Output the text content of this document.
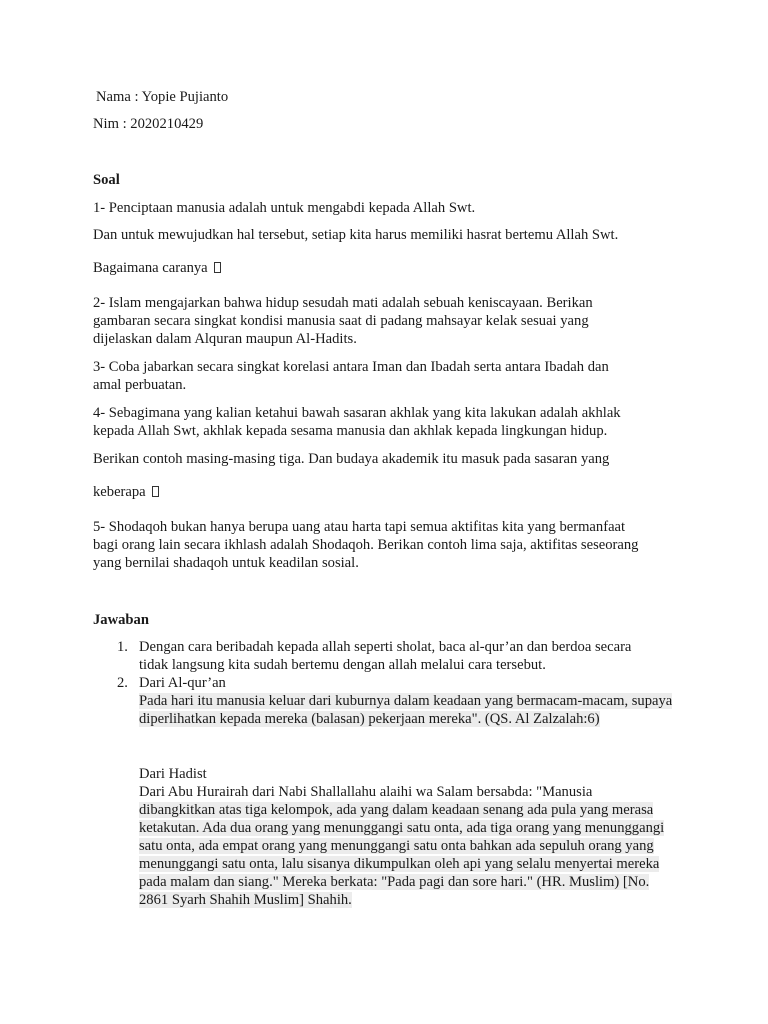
Nama : Yopie Pujianto
Nim : 2020210429
Soal
1- Penciptaan manusia adalah untuk mengabdi kepada Allah Swt.
Dan untuk mewujudkan hal tersebut, setiap kita harus memiliki hasrat bertemu Allah Swt.
Bagaimana caranya
2- Islam mengajarkan bahwa hidup sesudah mati adalah sebuah keniscayaan. Berikan
gambaran secara singkat kondisi manusia saat di padang mahsayar kelak sesuai yang
dijelaskan dalam Alquran maupun Al-Hadits.
3- Coba jabarkan secara singkat korelasi antara Iman dan Ibadah serta antara Ibadah dan
amal perbuatan.
4- Sebagimana yang kalian ketahui bawah sasaran akhlak yang kita lakukan adalah akhlak
kepada Allah Swt, akhlak kepada sesama manusia dan akhlak kepada lingkungan hidup.
Berikan contoh masing-masing tiga. Dan budaya akademik itu masuk pada sasaran yang
keberapa
5- Shodaqoh bukan hanya berupa uang atau harta tapi semua aktifitas kita yang bermanfaat
bagi orang lain secara ikhlash adalah Shodaqoh. Berikan contoh lima saja, aktifitas seseorang
yang bernilai shadaqoh untuk keadilan sosial.
Jawaban
1. Dengan cara beribadah kepada allah seperti sholat, baca al-qur’an dan berdoa secara
tidak langsung kita sudah bertemu dengan allah melalui cara tersebut.
2. Dari Al-qur’an
Pada hari itu manusia keluar dari kuburnya dalam keadaan yang bermacam-macam, supaya diperlihatkan kepada mereka (balasan) pekerjaan mereka". (QS. Al Zalzalah:6)
Dari Hadist
Dari Abu Hurairah dari Nabi Shallallahu alaihi wa Salam bersabda: "Manusia
dibangkitkan atas tiga kelompok, ada yang dalam keadaan senang ada pula yang merasa ketakutan. Ada dua orang yang menunggangi satu onta, ada tiga orang yang menunggangi satu onta, ada empat orang yang menunggangi satu onta bahkan ada sepuluh orang yang menunggangi satu onta, lalu sisanya dikumpulkan oleh api yang selalu menyertai mereka pada malam dan siang." Mereka berkata: "Pada pagi dan sore hari." (HR. Muslim) [No. 2861 Syarh Shahih Muslim] Shahih.
